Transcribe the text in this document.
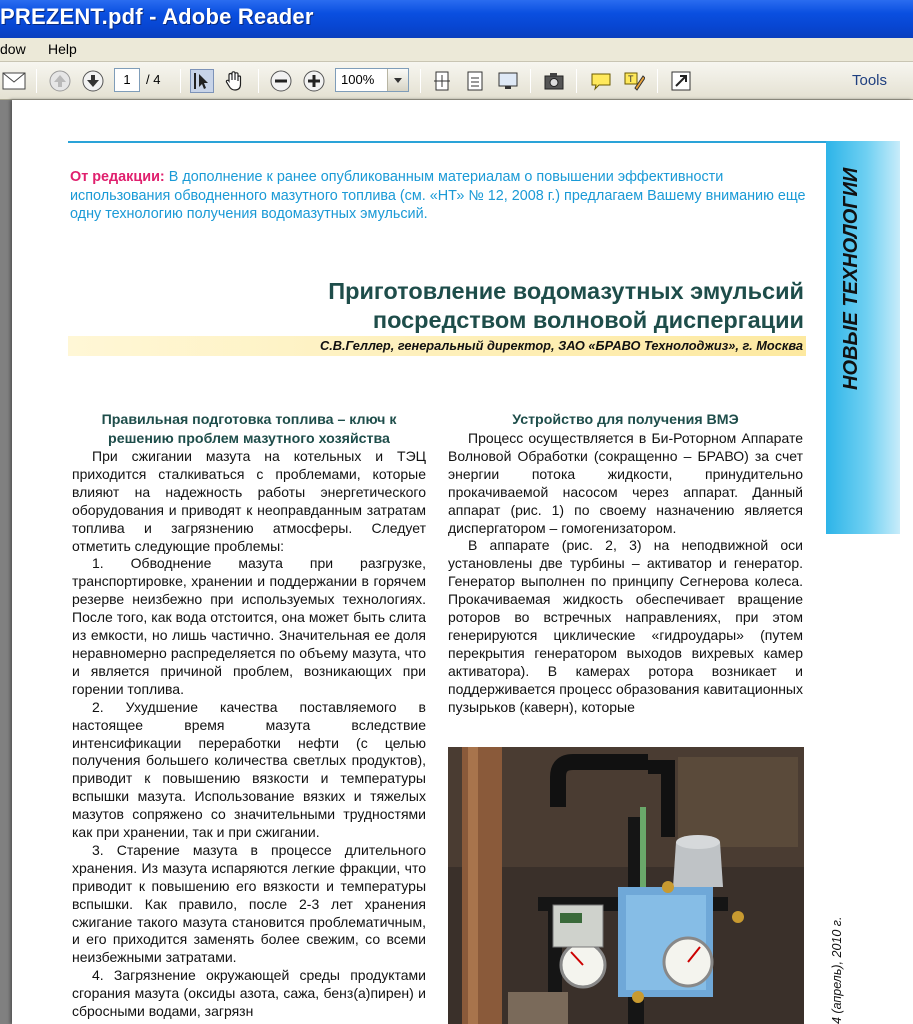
PREZENT.pdf - Adobe Reader
dow Help
T
1	/ 4	100%	Tools
НОВЫЕ ТЕХНОЛОГИИ
От редакции: В дополнение к ранее опубликованным материалам о повышении эффективности использования обводненного мазутного топлива (см. «НТ» № 12, 2008 г.) предлагаем Вашему вниманию еще одну технологию получения водомазутных эмульсий.
Приготовление водомазутных эмульсий
посредством волновой диспергации
С.В.Геллер, генеральный директор, ЗАО «БРАВО Технолоджиз», г. Москва
Правильная подготовка топлива – ключ к решению проблем мазутного хозяйства

При сжигании мазута на котельных и ТЭЦ приходится сталкиваться с проблемами, которые влияют на надежность работы энергетического оборудования и приводят к неоправданным затратам топлива и загрязнению атмосферы. Следует отметить следующие проблемы:

1. Обводнение мазута при разгрузке, транспортировке, хранении и поддержании в горячем резерве неизбежно при используемых технологиях. После того, как вода отстоится, она может быть слита из емкости, но лишь частично. Значительная ее доля неравномерно распределяется по объему мазута, что и является причиной проблем, возникающих при горении топлива.

2. Ухудшение качества поставляемого в настоящее время мазута вследствие интенсификации переработки нефти (с целью получения большего количества светлых продуктов), приводит к повышению вязкости и температуры вспышки мазута. Использование вязких и тяжелых мазутов сопряжено со значительными трудностями как при хранении, так и при сжигании.

3. Старение мазута в процессе длительного хранения. Из мазута испаряются легкие фракции, что приводит к повышению его вязкости и температуры вспышки. Как правило, после 2-3 лет хранения сжигание такого мазута становится проблематичным, и его приходится заменять более свежим, со всеми неизбежными затратами.

4. Загрязнение окружающей среды продуктами сгорания мазута (оксиды азота, сажа, бенз(а)пирен) и сбросными водами, загрязн

Устройство для получения ВМЭ

Процесс осуществляется в Би-Роторном Аппарате Волновой Обработки (сокращенно – БРАВО) за счет энергии потока жидкости, принудительно прокачиваемой насосом через аппарат. Данный аппарат (рис. 1) по своему назначению является диспергатором – гомогенизатором.

В аппарате (рис. 2, 3) на неподвижной оси установлены две турбины – активатор и генератор. Генератор выполнен по принципу Сегнерова колеса. Прокачиваемая жидкость обеспечивает вращение роторов во встречных направлениях, при этом генерируются циклические «гидроудары» (путем перекрытия генератором выходов вихревых камер активатора). В камерах ротора возникает и поддерживается процесс образования кавитационных пузырьков (каверн), которые

4 (апрель), 2010 г.
